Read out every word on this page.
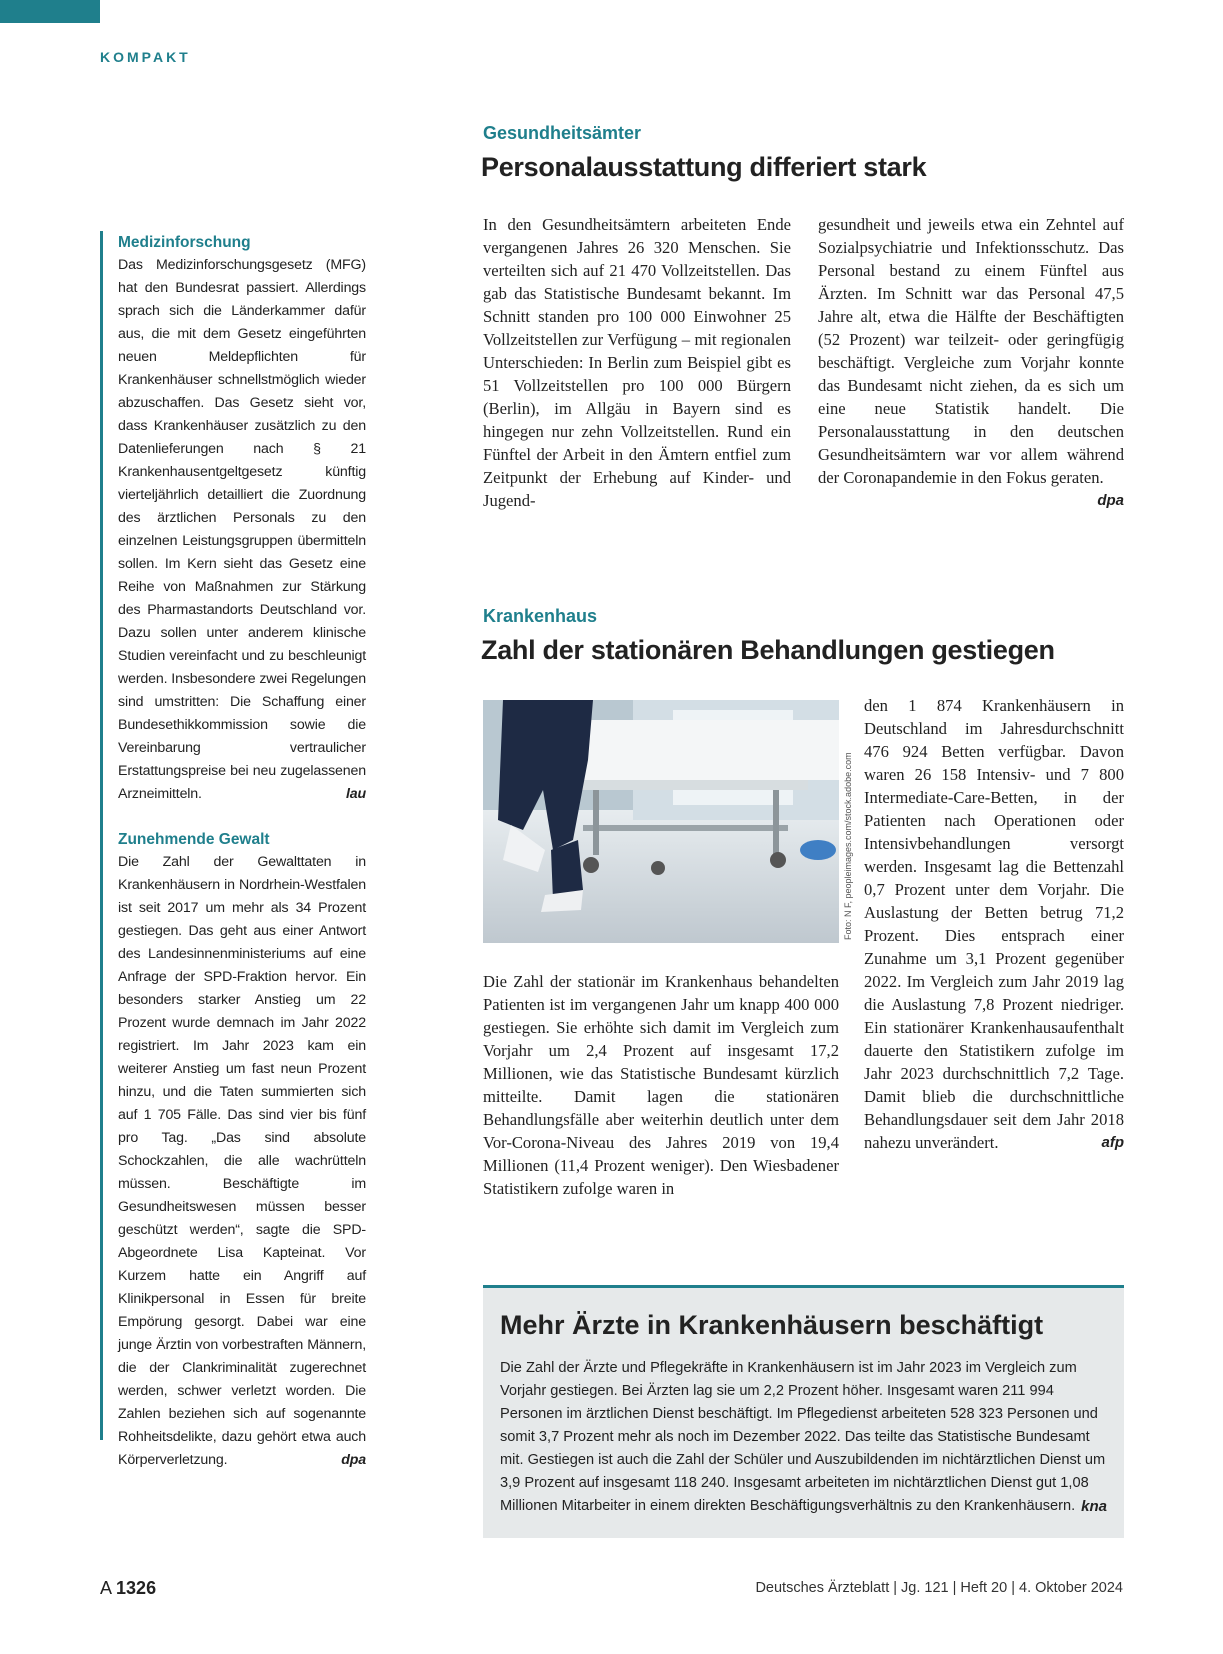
KOMPAKT
Medizinforschung
Das Medizinforschungsgesetz (MFG) hat den Bundesrat passiert. Allerdings sprach sich die Länderkammer dafür aus, die mit dem Gesetz eingeführten neuen Meldepflichten für Krankenhäuser schnellstmöglich wieder abzuschaffen. Das Gesetz sieht vor, dass Krankenhäuser zusätzlich zu den Datenlieferungen nach § 21 Krankenhausentgeltgesetz künftig vierteljährlich detailliert die Zuordnung des ärztlichen Personals zu den einzelnen Leistungsgruppen übermitteln sollen. Im Kern sieht das Gesetz eine Reihe von Maßnahmen zur Stärkung des Pharmastandorts Deutschland vor. Dazu sollen unter anderem klinische Studien vereinfacht und zu beschleunigt werden. Insbesondere zwei Regelungen sind umstritten: Die Schaffung einer Bundesethikkommission sowie die Vereinbarung vertraulicher Erstattungspreise bei neu zugelassenen Arzneimitteln.	lau
Zunehmende Gewalt
Die Zahl der Gewalttaten in Krankenhäusern in Nordrhein-Westfalen ist seit 2017 um mehr als 34 Prozent gestiegen. Das geht aus einer Antwort des Landesinnenministeriums auf eine Anfrage der SPD-Fraktion hervor. Ein besonders starker Anstieg um 22 Prozent wurde demnach im Jahr 2022 registriert. Im Jahr 2023 kam ein weiterer Anstieg um fast neun Prozent hinzu, und die Taten summierten sich auf 1 705 Fälle. Das sind vier bis fünf pro Tag. „Das sind absolute Schockzahlen, die alle wachrütteln müssen. Beschäftigte im Gesundheitswesen müssen besser geschützt werden“, sagte die SPD-Abgeordnete Lisa Kapteinat. Vor Kurzem hatte ein Angriff auf Klinikpersonal in Essen für breite Empörung gesorgt. Dabei war eine junge Ärztin von vorbestraften Männern, die der Clankriminalität zugerechnet werden, schwer verletzt worden. Die Zahlen beziehen sich auf sogenannte Rohheitsdelikte, dazu gehört etwa auch Körperverletzung.	dpa
Gesundheitsämter
Personalausstattung differiert stark
In den Gesundheitsämtern arbeiteten Ende vergangenen Jahres 26 320 Menschen. Sie verteilten sich auf 21 470 Vollzeitstellen. Das gab das Statistische Bundesamt bekannt. Im Schnitt standen pro 100 000 Einwohner 25 Vollzeitstellen zur Verfügung – mit regionalen Unterschieden: In Berlin zum Beispiel gibt es 51 Vollzeitstellen pro 100 000 Bürgern (Berlin), im Allgäu in Bayern sind es hingegen nur zehn Vollzeitstellen. Rund ein Fünftel der Arbeit in den Ämtern entfiel zum Zeitpunkt der Erhebung auf Kinder- und Jugend-
gesundheit und jeweils etwa ein Zehntel auf Sozialpsychiatrie und Infektionsschutz. Das Personal bestand zu einem Fünftel aus Ärzten. Im Schnitt war das Personal 47,5 Jahre alt, etwa die Hälfte der Beschäftigten (52 Prozent) war teilzeit- oder geringfügig beschäftigt. Vergleiche zum Vorjahr konnte das Bundesamt nicht ziehen, da es sich um eine neue Statistik handelt. Die Personalausstattung in den deutschen Gesundheitsämtern war vor allem während der Coronapandemie in den Fokus geraten.
dpa
Krankenhaus
Zahl der stationären Behandlungen gestiegen
Foto: N F, peopleimages.com/stock.adobe.com
Die Zahl der stationär im Krankenhaus behandelten Patienten ist im vergangenen Jahr um knapp 400 000 gestiegen. Sie erhöhte sich damit im Vergleich zum Vorjahr um 2,4 Prozent auf insgesamt 17,2 Millionen, wie das Statistische Bundesamt kürzlich mitteilte. Damit lagen die stationären Behandlungsfälle aber weiterhin deutlich unter dem Vor-Corona-Niveau des Jahres 2019 von 19,4 Millionen (11,4 Prozent weniger). Den Wiesbadener Statistikern zufolge waren in
den 1 874 Krankenhäusern in Deutschland im Jahresdurchschnitt 476 924 Betten verfügbar. Davon waren 26 158 Intensiv- und 7 800 Intermediate-Care-Betten, in der Patienten nach Operationen oder Intensivbehandlungen versorgt werden. Insgesamt lag die Bettenzahl 0,7 Prozent unter dem Vorjahr. Die Auslastung der Betten betrug 71,2 Prozent. Dies entsprach einer Zunahme um 3,1 Prozent gegenüber 2022. Im Vergleich zum Jahr 2019 lag die Auslastung 7,8 Prozent niedriger. Ein stationärer Krankenhausaufenthalt dauerte den Statistikern zufolge im Jahr 2023 durchschnittlich 7,2 Tage. Damit blieb die durchschnittliche Behandlungsdauer seit dem Jahr 2018 nahezu unverändert.	afp
Mehr Ärzte in Krankenhäusern beschäftigt
Die Zahl der Ärzte und Pflegekräfte in Krankenhäusern ist im Jahr 2023 im Vergleich zum Vorjahr gestiegen. Bei Ärzten lag sie um 2,2 Prozent höher. Insgesamt waren 211 994 Personen im ärztlichen Dienst beschäftigt. Im Pflegedienst arbeiteten 528 323 Personen und somit 3,7 Prozent mehr als noch im Dezember 2022. Das teilte das Statistische Bundesamt mit. Gestiegen ist auch die Zahl der Schüler und Auszubildenden im nichtärztlichen Dienst um 3,9 Prozent auf insgesamt 118 240. Insgesamt arbeiteten im nichtärztlichen Dienst gut 1,08 Millionen Mitarbeiter in einem direkten Beschäftigungsverhältnis zu den Krankenhäusern. kna
A 1326	Deutsches Ärzteblatt | Jg. 121 | Heft 20 | 4. Oktober 2024
